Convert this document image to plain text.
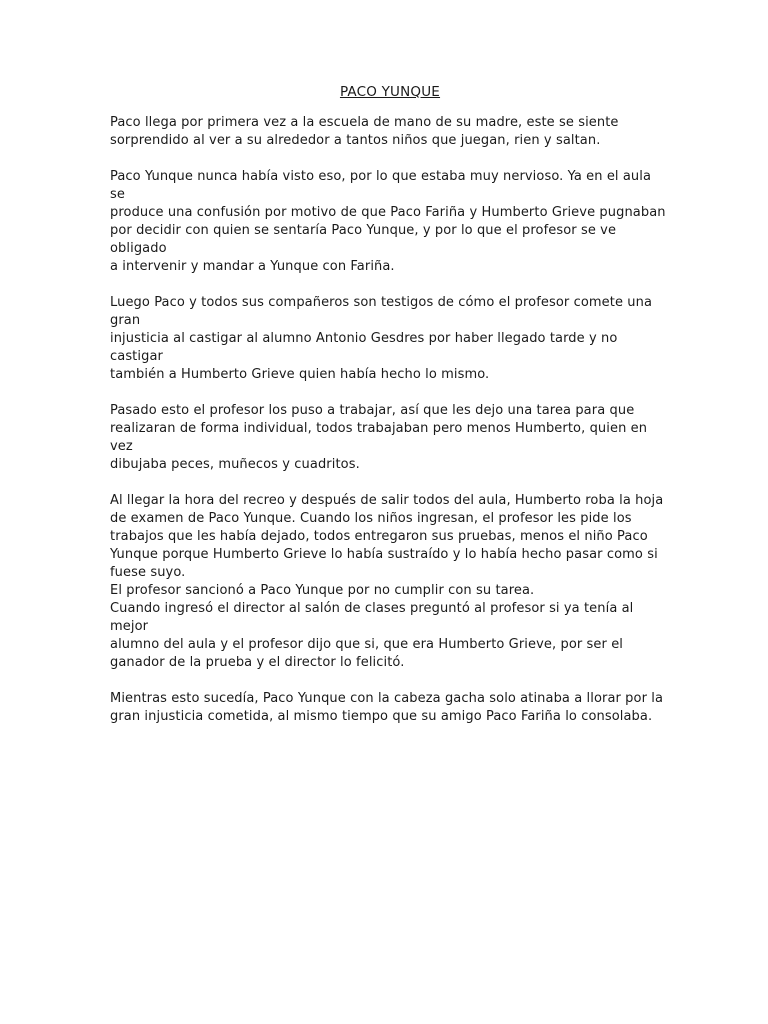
PACO YUNQUE

Paco llega por primera vez a la escuela de mano de su madre, este se siente
sorprendido al ver a su alrededor a tantos niños que juegan, rien y saltan.

Paco Yunque nunca había visto eso, por lo que estaba muy nervioso. Ya en el aula se
produce una confusión por motivo de que Paco Fariña y Humberto Grieve pugnaban
por decidir con quien se sentaría Paco Yunque, y por lo que el profesor se ve obligado
a intervenir y mandar a Yunque con Fariña.

Luego Paco y todos sus compañeros son testigos de cómo el profesor comete una gran
injusticia al castigar al alumno Antonio Gesdres por haber llegado tarde y no castigar
también a Humberto Grieve quien había hecho lo mismo.

Pasado esto el profesor los puso a trabajar, así que les dejo una tarea para que
realizaran de forma individual, todos trabajaban pero menos Humberto, quien en vez
dibujaba peces, muñecos y cuadritos.

Al llegar la hora del recreo y después de salir todos del aula, Humberto roba la hoja
de examen de Paco Yunque. Cuando los niños ingresan, el profesor les pide los
trabajos que les había dejado, todos entregaron sus pruebas, menos el niño Paco
Yunque porque Humberto Grieve lo había sustraído y lo había hecho pasar como si
fuese suyo.
El profesor sancionó a Paco Yunque por no cumplir con su tarea.
Cuando ingresó el director al salón de clases preguntó al profesor si ya tenía al mejor
alumno del aula y el profesor dijo que si, que era Humberto Grieve, por ser el
ganador de la prueba y el director lo felicitó.

Mientras esto sucedía, Paco Yunque con la cabeza gacha solo atinaba a llorar por la
gran injusticia cometida, al mismo tiempo que su amigo Paco Fariña lo consolaba.
